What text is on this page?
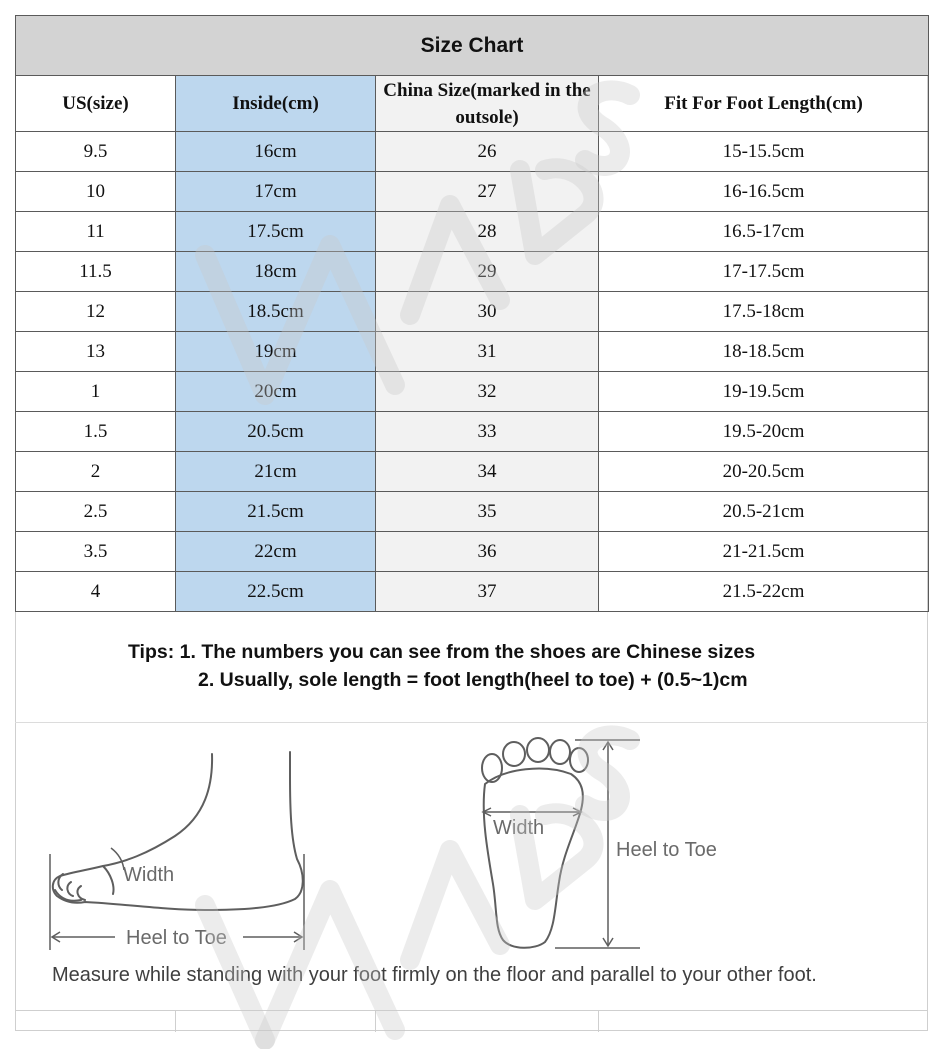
Size Chart			
US(size)	Inside(cm)	China Size(marked in the outsole)	Fit For Foot Length(cm)
9.5	16cm	26	15-15.5cm
10	17cm	27	16-16.5cm
11	17.5cm	28	16.5-17cm
11.5	18cm	29	17-17.5cm
12	18.5cm	30	17.5-18cm
13	19cm	31	18-18.5cm
1	20cm	32	19-19.5cm
1.5	20.5cm	33	19.5-20cm
2	21cm	34	20-20.5cm
2.5	21.5cm	35	20.5-21cm
3.5	22cm	36	21-21.5cm
4	22.5cm	37	21.5-22cm
Tips: 1. The numbers you can see from the shoes are Chinese sizes
2. Usually, sole length = foot length(heel to toe) + (0.5~1)cm
Width
Heel to Toe
Width
Heel to Toe
Measure while standing with your foot firmly on the floor and parallel to your other foot.
